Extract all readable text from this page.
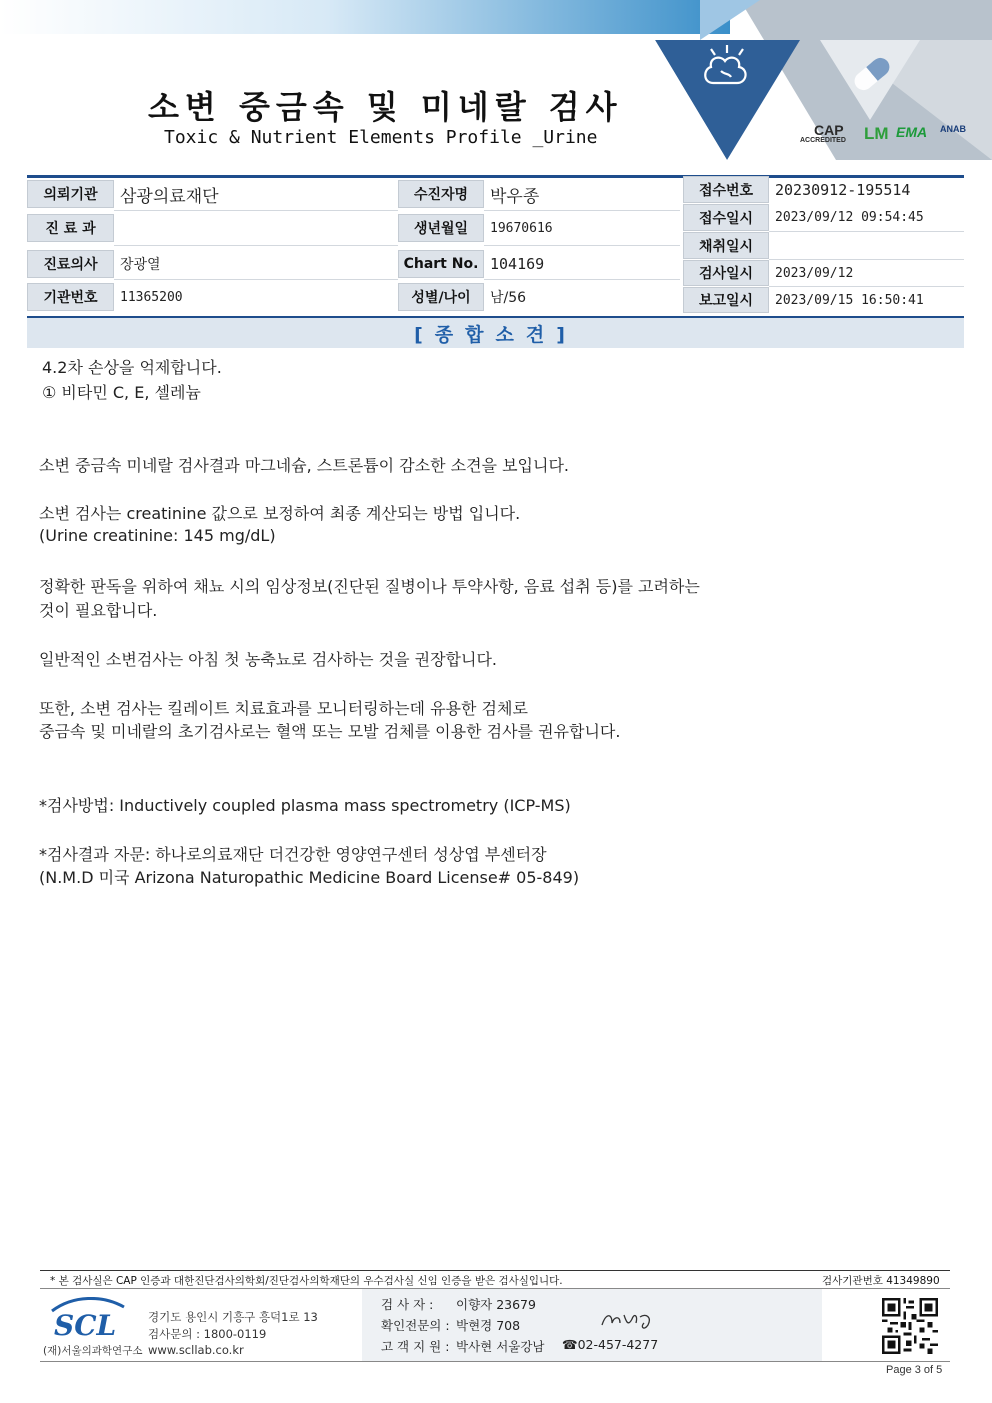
소변 중금속 및 미네랄 검사
Toxic & Nutrient Elements Profile _Urine	CAP
ACCREDITED LM EMA ANAB
의뢰기관	삼광의료재단
진 료 과
진료의사	장광열
기관번호	11365200
수진자명	박우종
생년월일	19670616
Chart No. 104169
성별/나이	남/56
접수번호	20230912-195514
접수일시	2023/09/12 09:54:45
채취일시
검사일시	2023/09/12
보고일시	2023/09/15 16:50:41
[종합소견]
4.2차 손상을 억제합니다.
① 비타민 C, E, 셀레늄
소변 중금속 미네랄 검사결과 마그네슘, 스트론튬이 감소한 소견을 보입니다.
소변 검사는 creatinine 값으로 보정하여 최종 계산되는 방법 입니다.
(Urine creatinine: 145 mg/dL)
정확한 판독을 위하여 채뇨 시의 임상정보(진단된 질병이나 투약사항, 음료 섭취 등)를 고려하는
것이 필요합니다.
일반적인 소변검사는 아침 첫 농축뇨로 검사하는 것을 권장합니다.
또한, 소변 검사는 킬레이트 치료효과를 모니터링하는데 유용한 검체로
중금속 및 미네랄의 초기검사로는 혈액 또는 모발 검체를 이용한 검사를 권유합니다.
*검사방법: Inductively coupled plasma mass spectrometry (ICP-MS)
*검사결과 자문: 하나로의료재단 더건강한 영양연구센터 성상엽 부센터장
(N.M.D 미국 Arizona Naturopathic Medicine Board License# 05-849)
* 본 검사실은 CAP 인증과 대한진단검사의학회/진단검사의학재단의 우수검사실 신임 인증을 받은 검사실입니다.	검사기관번호 41349890
SCL
(재)서울의과학연구소
경기도 용인시 기흥구 흥덕1로 13
검사문의 : 1800-0119
www.scllab.co.kr
검 사 자 : 이향자 23679
확인전문의 : 박현경 708
고 객 지 원 : 박사현 서울강남 ☎02-457-4277
Page 3 of 5
